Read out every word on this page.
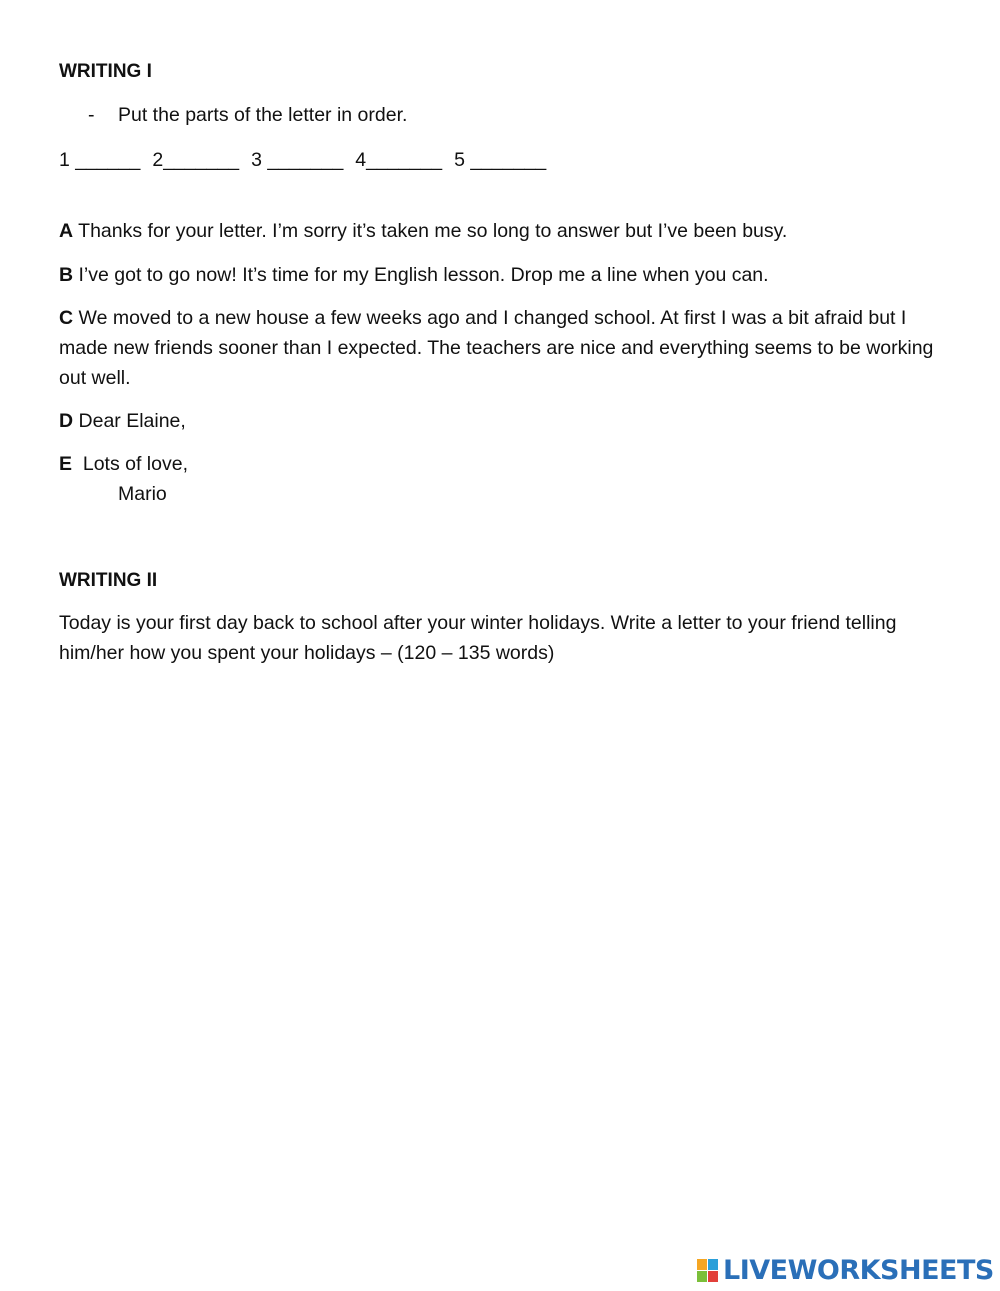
WRITING I
- Put the parts of the letter in order.
1 ______ 2_______ 3 _______ 4_______ 5 _______
A Thanks for your letter. I’m sorry it’s taken me so long to answer but I’ve been busy.
B I’ve got to go now! It’s time for my English lesson. Drop me a line when you can.
C We moved to a new house a few weeks ago and I changed school. At first I was a bit afraid but I made new friends sooner than I expected. The teachers are nice and everything seems to be working out well.
D Dear Elaine,
E  Lots of love,
Mario
WRITING II
Today is your first day back to school after your winter holidays. Write a letter to your friend telling him/her how you spent your holidays – (120 – 135 words)
LIVEWORKSHEETS
